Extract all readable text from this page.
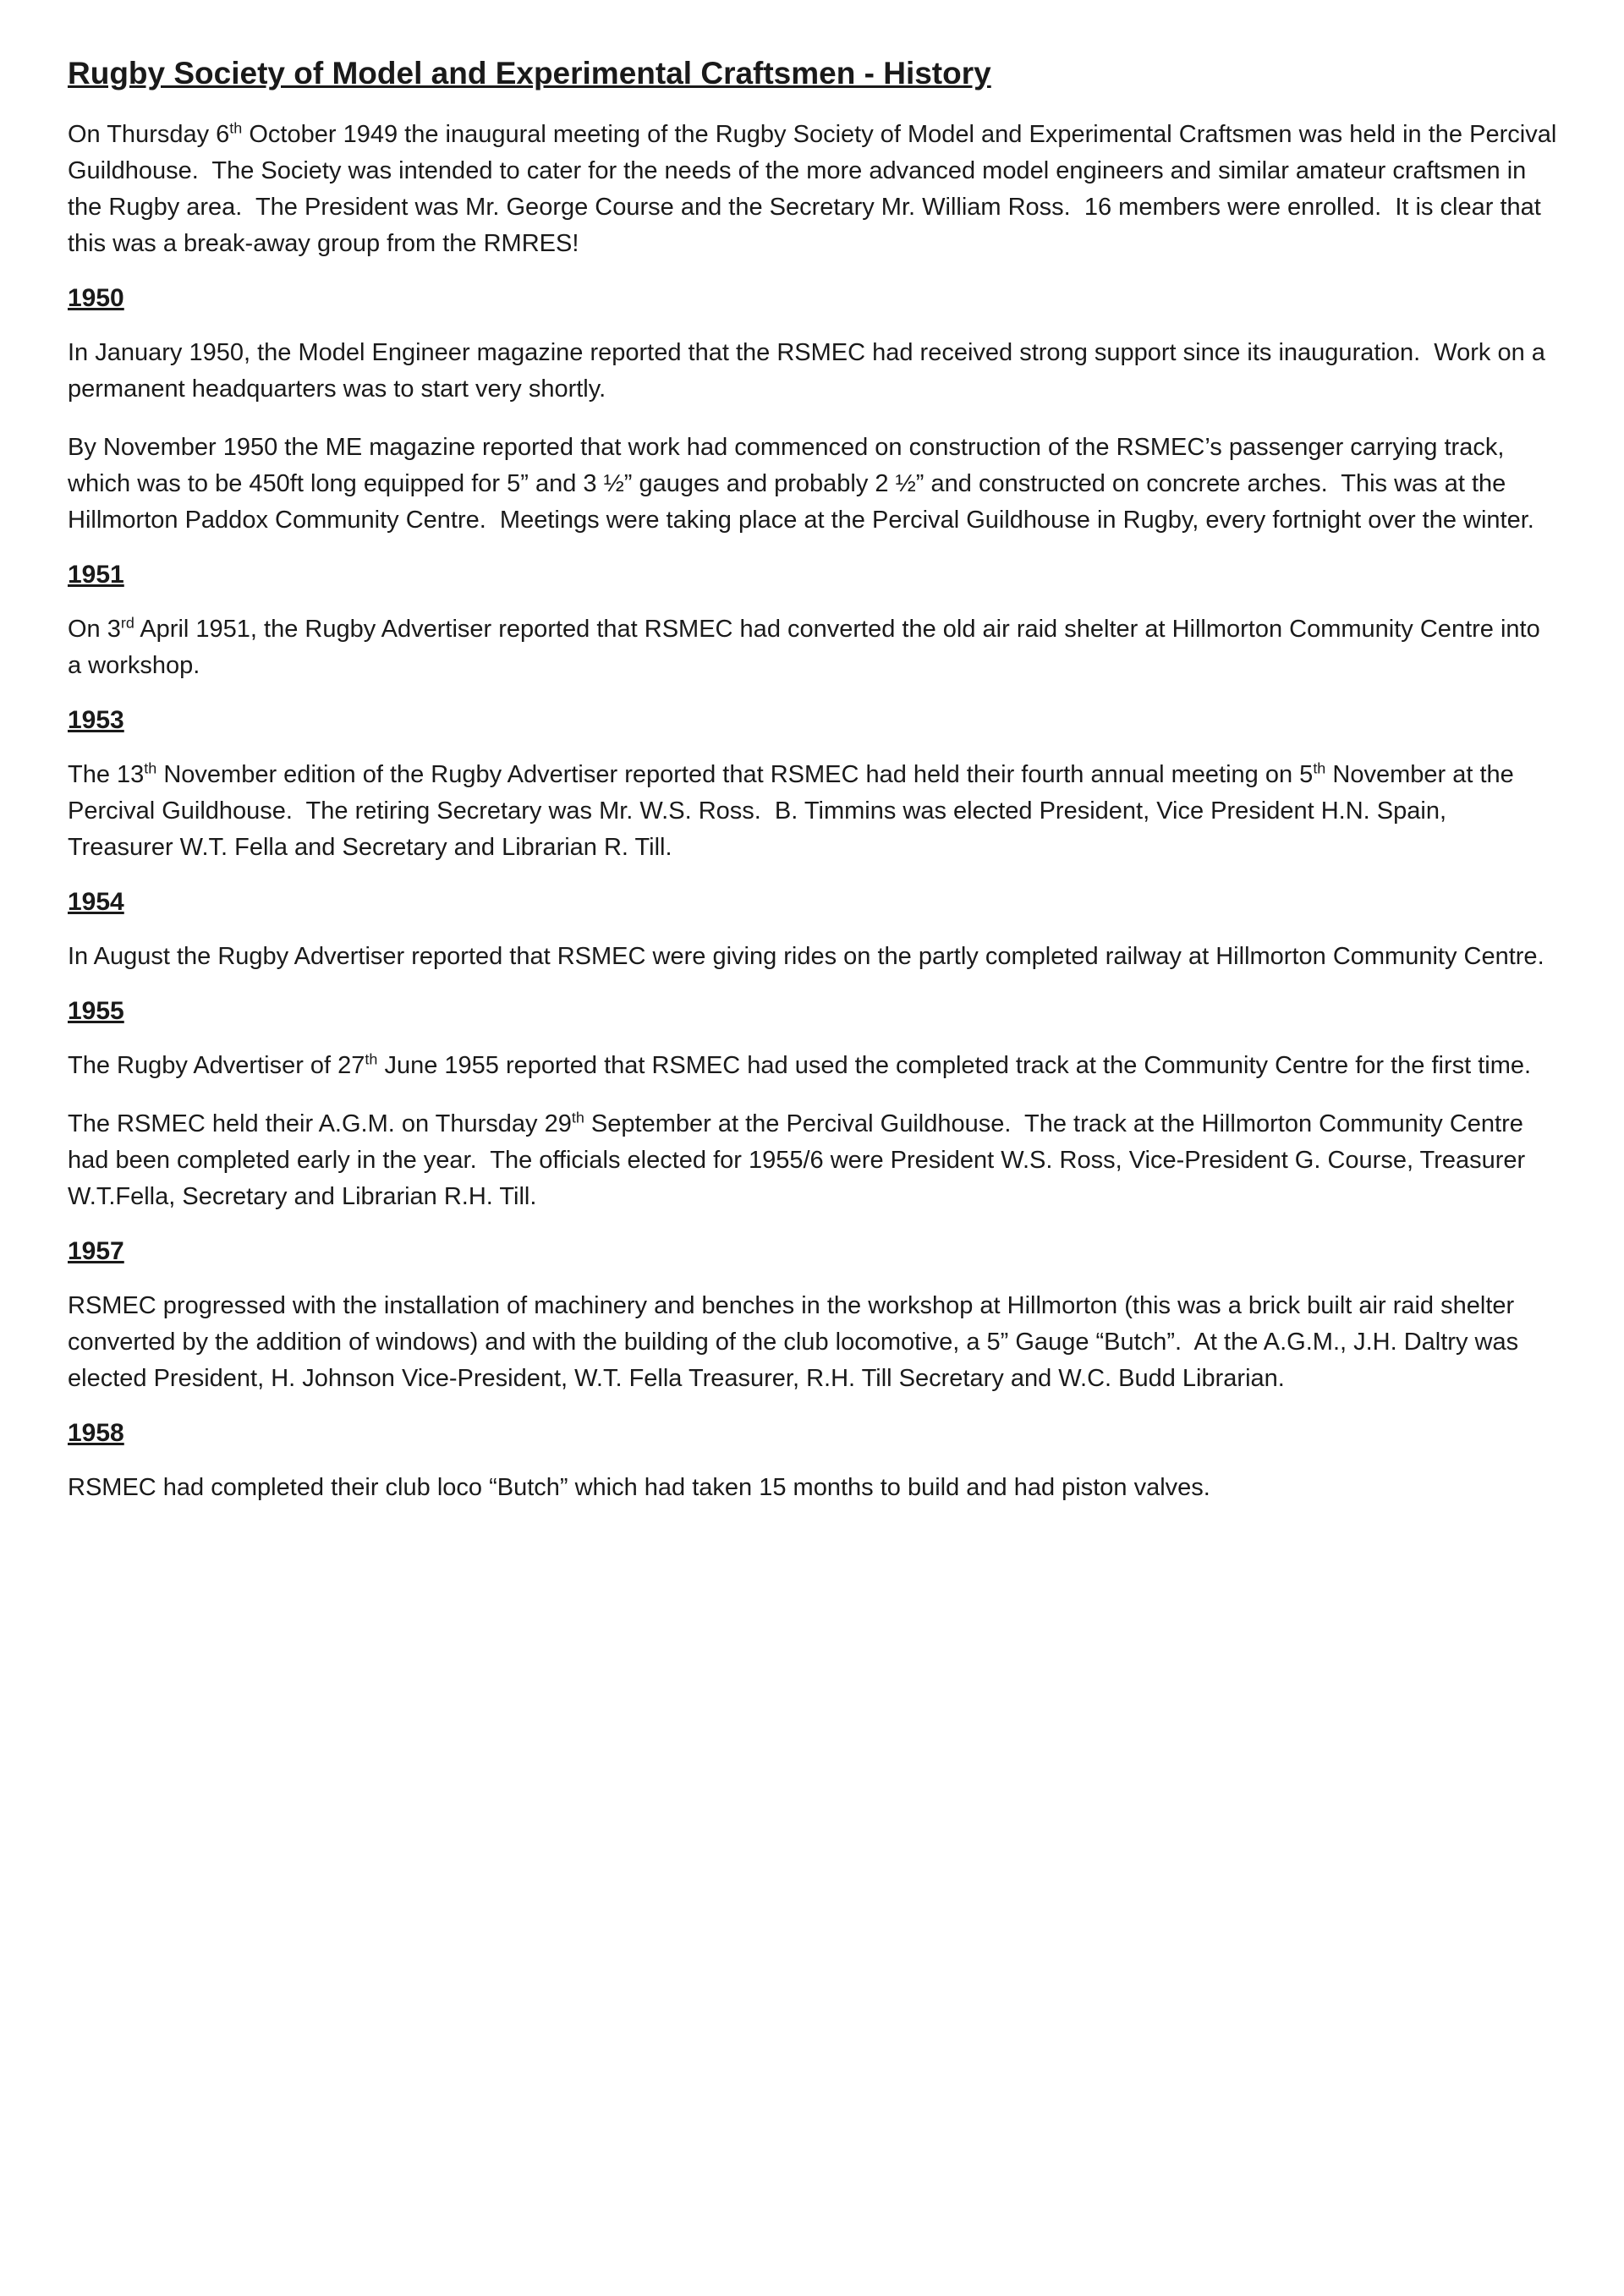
Rugby Society of Model and Experimental Craftsmen - History

On Thursday 6th October 1949 the inaugural meeting of the Rugby Society of Model and Experimental Craftsmen was held in the Percival Guildhouse.  The Society was intended to cater for the needs of the more advanced model engineers and similar amateur craftsmen in the Rugby area.  The President was Mr. George Course and the Secretary Mr. William Ross.  16 members were enrolled.  It is clear that this was a break-away group from the RMRES!

1950

In January 1950, the Model Engineer magazine reported that the RSMEC had received strong support since its inauguration.  Work on a permanent headquarters was to start very shortly.

By November 1950 the ME magazine reported that work had commenced on construction of the RSMEC’s passenger carrying track, which was to be 450ft long equipped for 5” and 3 ½” gauges and probably 2 ½” and constructed on concrete arches.  This was at the Hillmorton Paddox Community Centre.  Meetings were taking place at the Percival Guildhouse in Rugby, every fortnight over the winter.

1951

On 3rd April 1951, the Rugby Advertiser reported that RSMEC had converted the old air raid shelter at Hillmorton Community Centre into a workshop.

1953

The 13th November edition of the Rugby Advertiser reported that RSMEC had held their fourth annual meeting on 5th November at the Percival Guildhouse.  The retiring Secretary was Mr. W.S. Ross.  B. Timmins was elected President, Vice President H.N. Spain, Treasurer W.T. Fella and Secretary and Librarian R. Till.

1954

In August the Rugby Advertiser reported that RSMEC were giving rides on the partly completed railway at Hillmorton Community Centre.

1955

The Rugby Advertiser of 27th June 1955 reported that RSMEC had used the completed track at the Community Centre for the first time.

The RSMEC held their A.G.M. on Thursday 29th September at the Percival Guildhouse.  The track at the Hillmorton Community Centre had been completed early in the year.  The officials elected for 1955/6 were President W.S. Ross, Vice-President G. Course, Treasurer W.T.Fella, Secretary and Librarian R.H. Till.

1957

RSMEC progressed with the installation of machinery and benches in the workshop at Hillmorton (this was a brick built air raid shelter converted by the addition of windows) and with the building of the club locomotive, a 5” Gauge “Butch”.  At the A.G.M., J.H. Daltry was elected President, H. Johnson Vice-President, W.T. Fella Treasurer, R.H. Till Secretary and W.C. Budd Librarian.

1958

RSMEC had completed their club loco “Butch” which had taken 15 months to build and had piston valves.
